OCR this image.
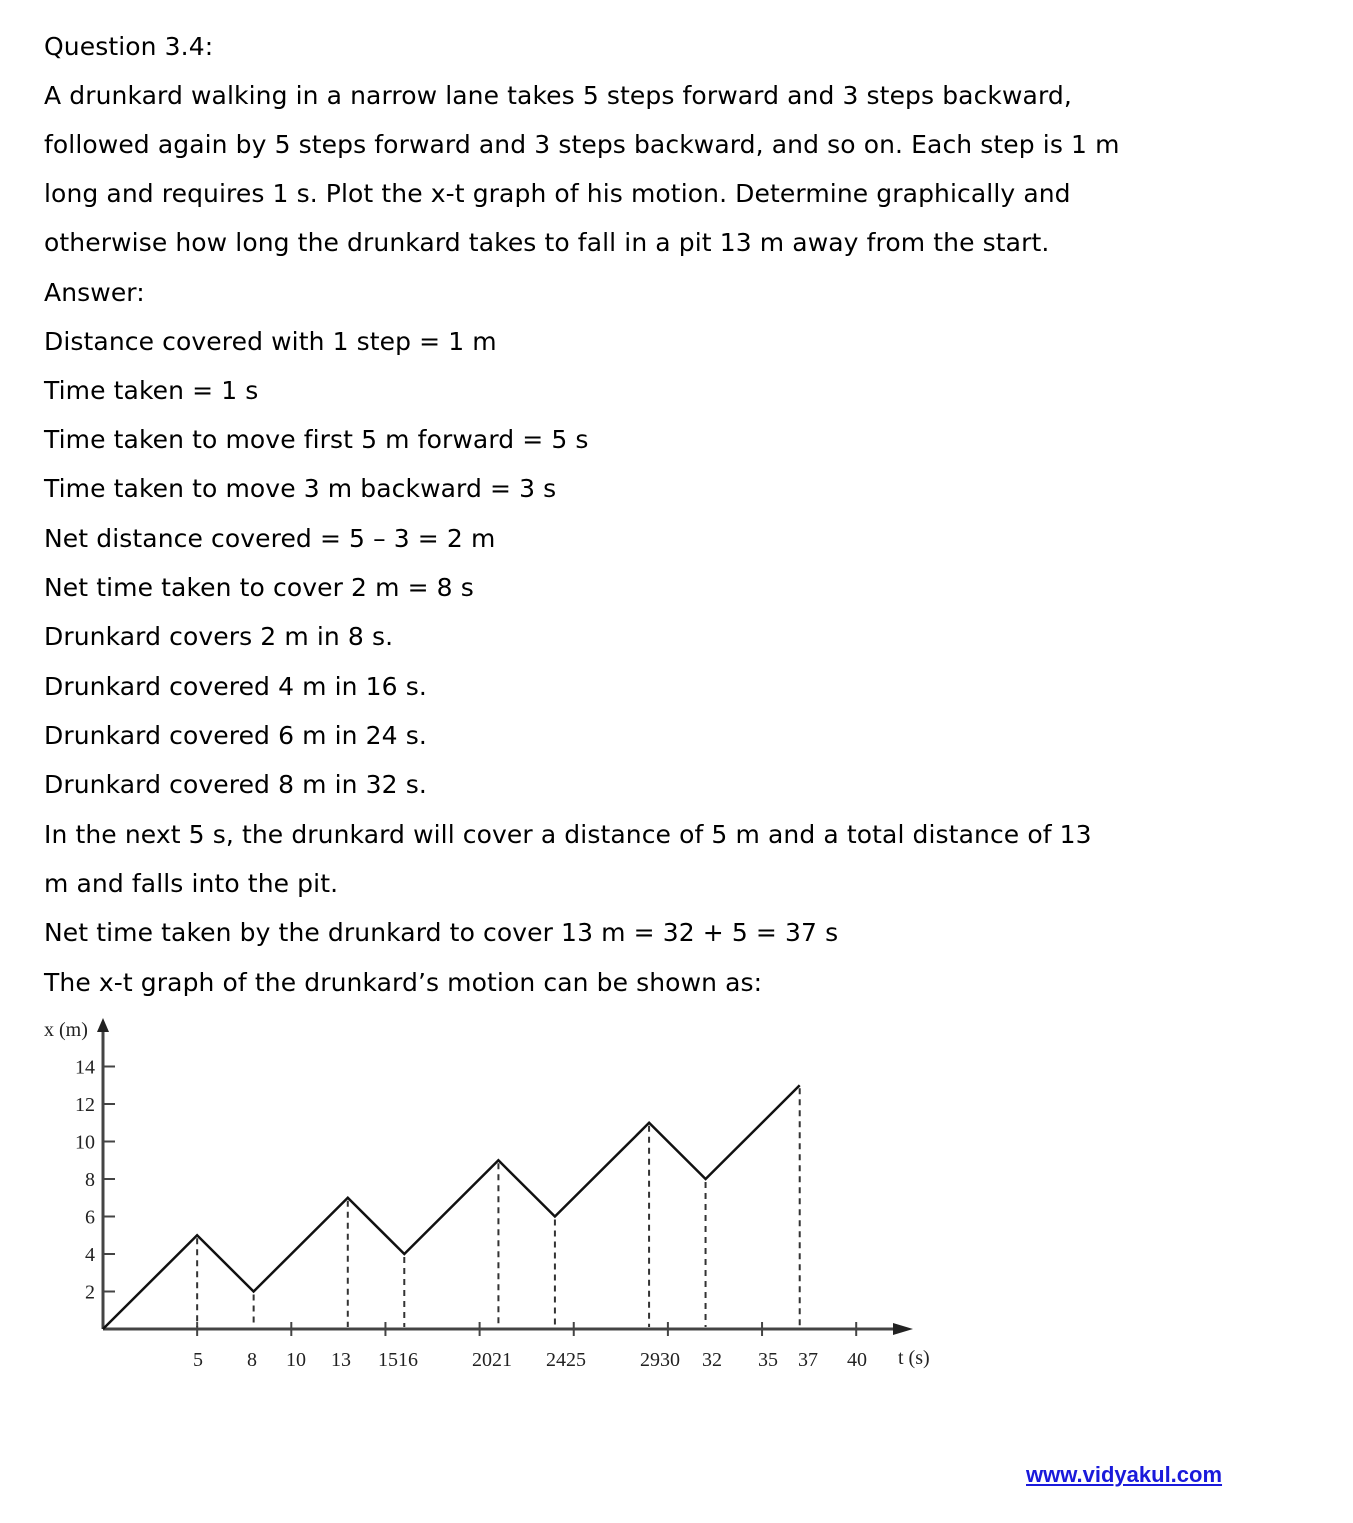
Question 3.4:
A drunkard walking in a narrow lane takes 5 steps forward and 3 steps backward,
followed again by 5 steps forward and 3 steps backward, and so on. Each step is 1 m
long and requires 1 s. Plot the x-t graph of his motion. Determine graphically and
otherwise how long the drunkard takes to fall in a pit 13 m away from the start.
Answer:
Distance covered with 1 step = 1 m
Time taken = 1 s
Time taken to move first 5 m forward = 5 s
Time taken to move 3 m backward = 3 s
Net distance covered = 5 – 3 = 2 m
Net time taken to cover 2 m = 8 s
Drunkard covers 2 m in 8 s.
Drunkard covered 4 m in 16 s.
Drunkard covered 6 m in 24 s.
Drunkard covered 8 m in 32 s.
In the next 5 s, the drunkard will cover a distance of 5 m and a total distance of 13
m and falls into the pit.
Net time taken by the drunkard to cover 13 m = 32 + 5 = 37 s
The x-t graph of the drunkard’s motion can be shown as:
2
4
6
8
10
12
14
5 8 10 13 1516	2021 2425	2930 32 35 37 40
x (m)
t (s)
www.vidyakul.com
